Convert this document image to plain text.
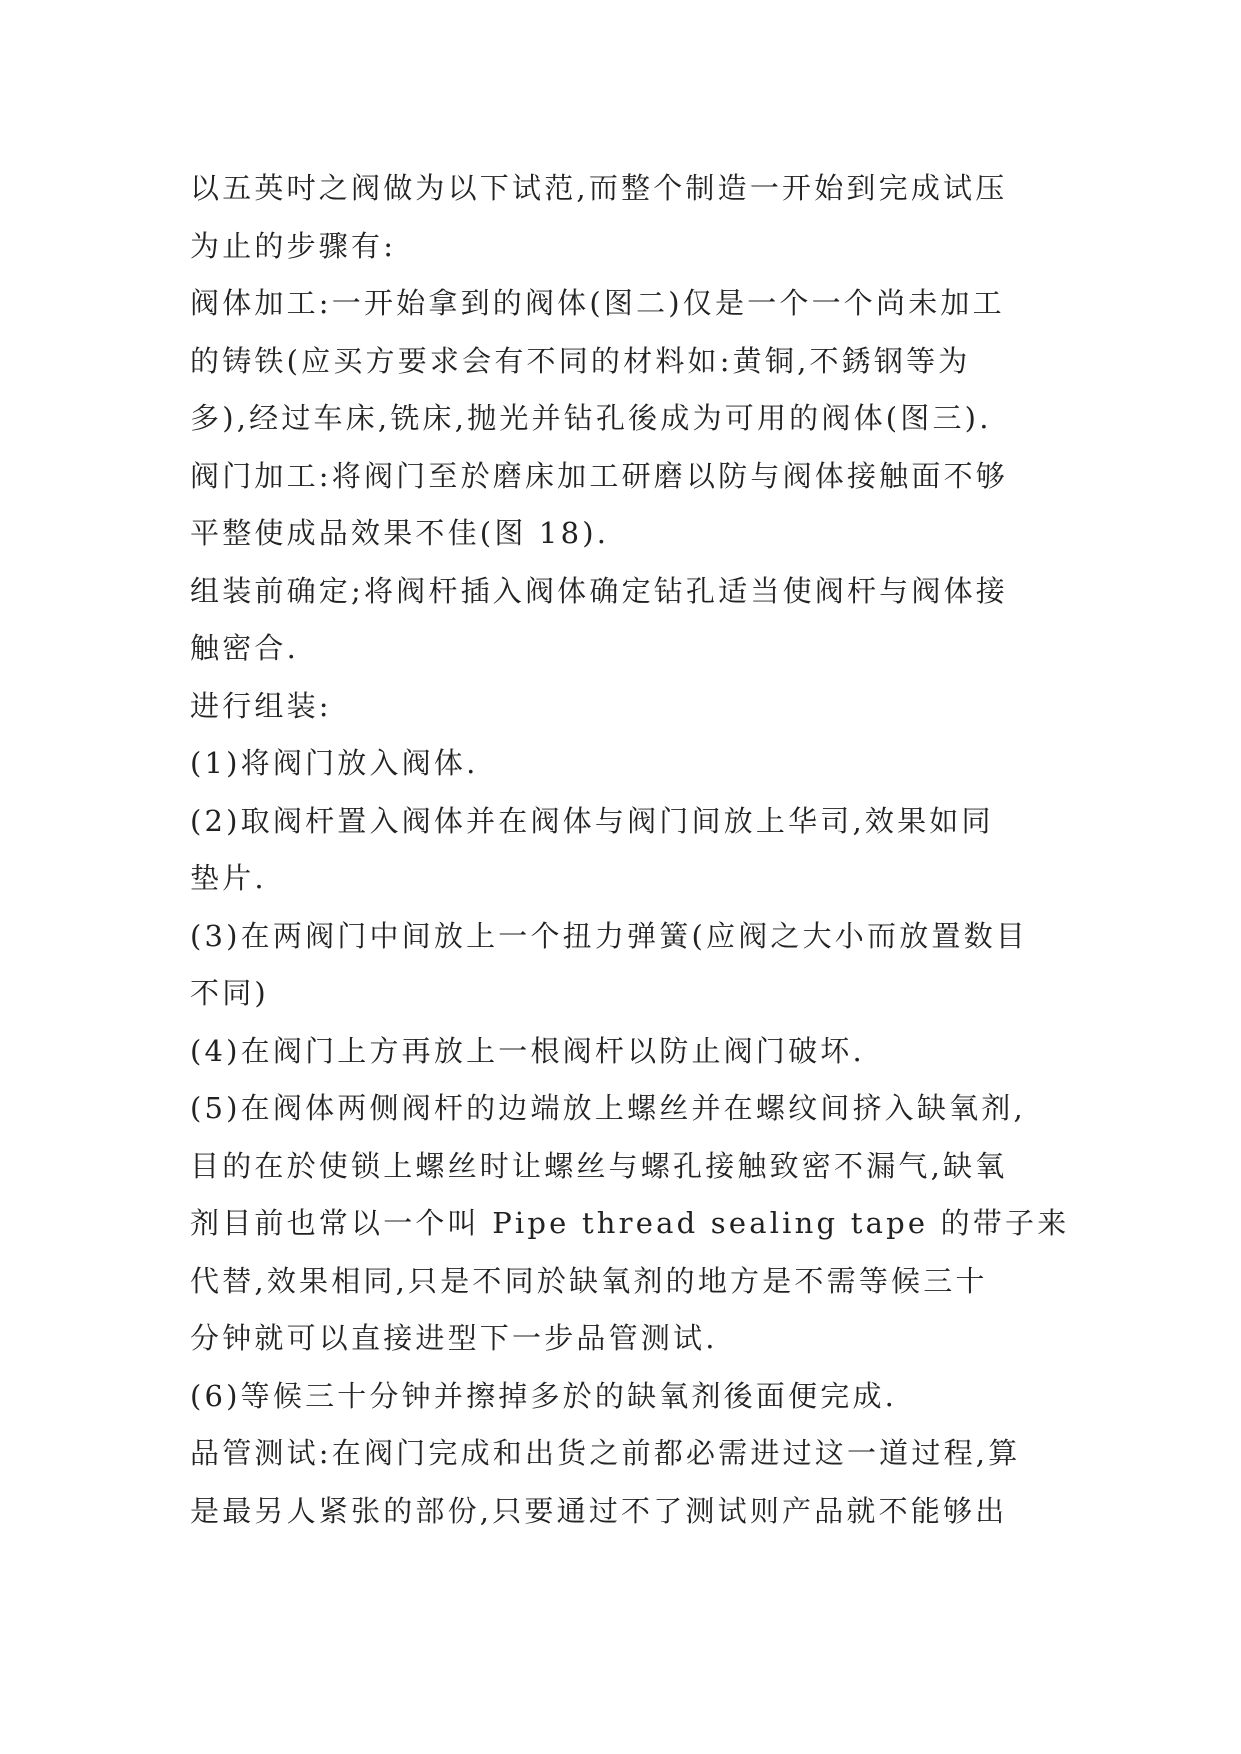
以五英吋之阀做为以下试范,而整个制造一开始到完成试压
为止的步骤有:
阀体加工:一开始拿到的阀体(图二)仅是一个一个尚未加工
的铸铁(应买方要求会有不同的材料如:黄铜,不銹钢等为
多),经过车床,铣床,抛光并钻孔後成为可用的阀体(图三).
阀门加工:将阀门至於磨床加工研磨以防与阀体接触面不够
平整使成品效果不佳(图 18).
组装前确定;将阀杆插入阀体确定钻孔适当使阀杆与阀体接
触密合.
进行组装:
(1)将阀门放入阀体.
(2)取阀杆置入阀体并在阀体与阀门间放上华司,效果如同
垫片.
(3)在两阀门中间放上一个扭力弹簧(应阀之大小而放置数目
不同)
(4)在阀门上方再放上一根阀杆以防止阀门破坏.
(5)在阀体两侧阀杆的边端放上螺丝并在螺纹间挤入缺氧剂,
目的在於使锁上螺丝时让螺丝与螺孔接触致密不漏气,缺氧
剂目前也常以一个叫 Pipe thread sealing tape 的带子来
代替,效果相同,只是不同於缺氧剂的地方是不需等候三十
分钟就可以直接进型下一步品管测试.
(6)等候三十分钟并擦掉多於的缺氧剂後面便完成.
品管测试:在阀门完成和出货之前都必需进过这一道过程,算
是最另人紧张的部份,只要通过不了测试则产品就不能够出
